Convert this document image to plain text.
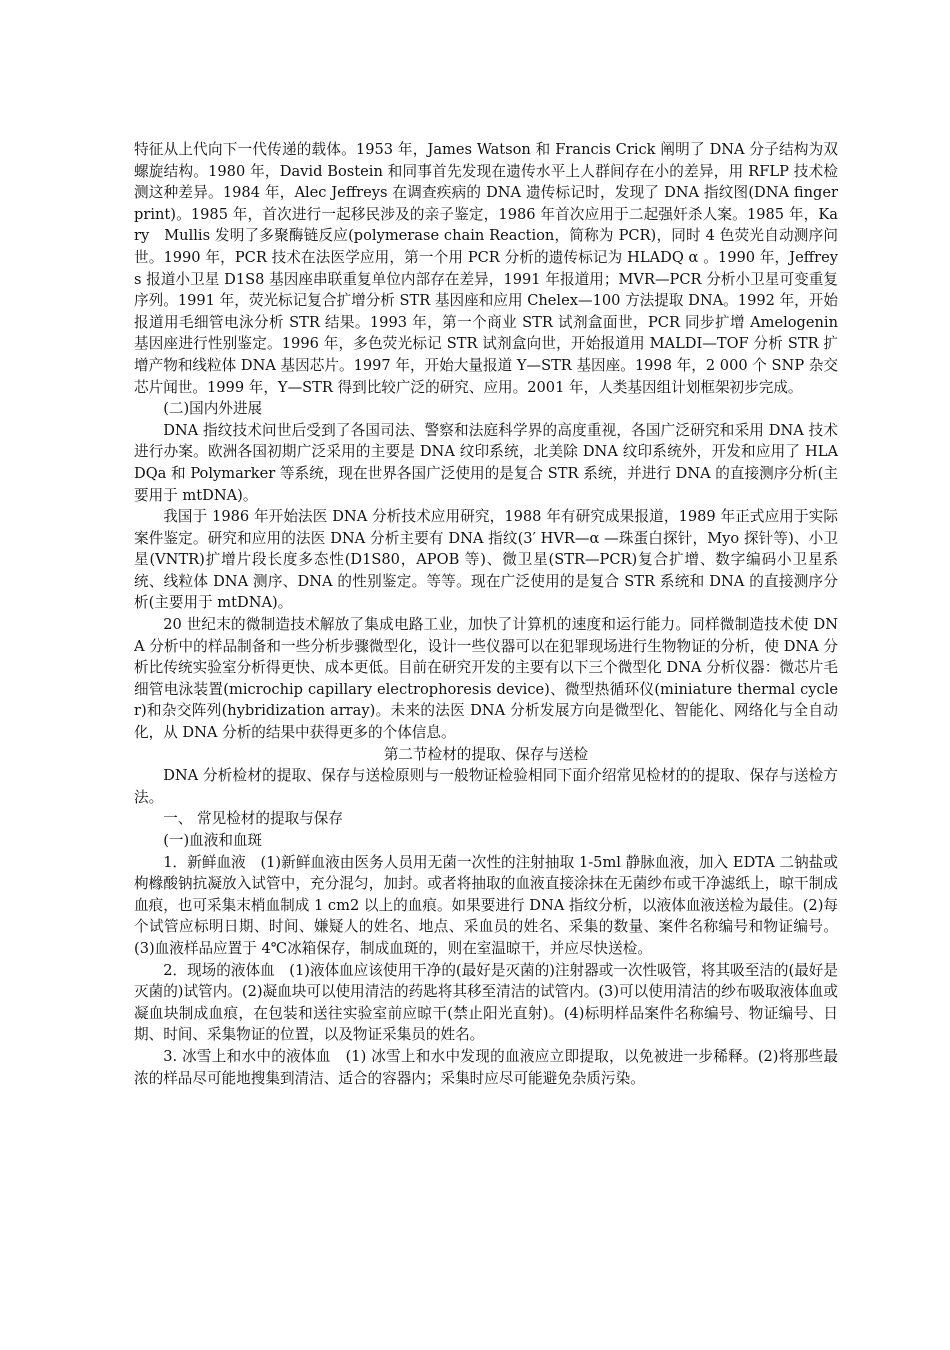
特征从上代向下一代传递的载体。1953 年，James Watson 和 Francis Crick 阐明了 DNA 分子结构为双螺旋结构。1980 年，David Bostein 和同事首先发现在遗传水平上人群间存在小的差异，用 RFLP 技术检测这种差异。1984 年，Alec Jeffreys 在调查疾病的 DNA 遗传标记时，发现了 DNA 指纹图(DNA fingerprint)。1985 年，首次进行一起移民涉及的亲子鉴定，1986 年首次应用于二起强奸杀人案。1985 年，Kary　Mullis 发明了多聚酶链反应(polymerase chain Reaction，简称为 PCR)，同时 4 色荧光自动测序问世。1990 年，PCR 技术在法医学应用，第一个用 PCR 分析的遗传标记为 HLADQ α 。1990 年，Jeffreys 报道小卫星 D1S8 基因座串联重复单位内部存在差异，1991 年报道用；MVR—PCR 分析小卫星可变重复序列。1991 年，荧光标记复合扩增分析 STR 基因座和应用 Chelex—100 方法提取 DNA。1992 年，开始报道用毛细管电泳分析 STR 结果。1993 年，第一个商业 STR 试剂盒面世，PCR 同步扩增 Amelogenin 基因座进行性别鉴定。1996 年，多色荧光标记 STR 试剂盒向世，开始报道用 MALDI—TOF 分析 STR 扩增产物和线粒体 DNA 基因芯片。1997 年，开始大量报道 Y—STR 基因座。1998 年，2 000 个 SNP 杂交芯片闻世。1999 年，Y—STR 得到比较广泛的研究、应用。2001 年，人类基因组计划框架初步完成。

(二)国内外进展

DNA 指纹技术问世后受到了各国司法、警察和法庭科学界的高度重视，各国广泛研究和采用 DNA 技术进行办案。欧洲各国初期广泛采用的主要是 DNA 纹印系统，北美除 DNA 纹印系统外，开发和应用了 HLADQa 和 Polymarker 等系统，现在世界各国广泛使用的是复合 STR 系统，并进行 DNA 的直接测序分析(主要用于 mtDNA)。

我国于 1986 年开始法医 DNA 分析技术应用研究，1988 年有研究成果报道，1989 年正式应用于实际案件鉴定。研究和应用的法医 DNA 分析主要有 DNA 指纹(3′ HVR—α —珠蛋白探针，Myo 探针等)、小卫星(VNTR)扩增片段长度多态性(D1S80，APOB 等)、微卫星(STR—PCR)复合扩增、数字编码小卫星系统、线粒体 DNA 测序、DNA 的性别鉴定。等等。现在广泛使用的是复合 STR 系统和 DNA 的直接测序分析(主要用于 mtDNA)。

20 世纪末的微制造技术解放了集成电路工业，加快了计算机的速度和运行能力。同样微制造技术使 DNA 分析中的样品制备和一些分析步骤微型化，设计一些仪器可以在犯罪现场进行生物物证的分析，使 DNA 分析比传统实验室分析得更快、成本更低。目前在研究开发的主要有以下三个微型化 DNA 分析仪器：微芯片毛细管电泳装置(microchip capillary electrophoresis device)、微型热循环仪(miniature thermal cycler)和杂交阵列(hybridization array)。未来的法医 DNA 分析发展方向是微型化、智能化、网络化与全自动化，从 DNA 分析的结果中获得更多的个体信息。

第二节检材的提取、保存与送检

DNA 分析检材的提取、保存与送检原则与一般物证检验相同下面介绍常见检材的的提取、保存与送检方法。

一、 常见检材的提取与保存

(一)血液和血斑

1．新鲜血液　(1)新鲜血液由医务人员用无菌一次性的注射抽取 1-5ml 静脉血液，加入 EDTA 二钠盐或枸橼酸钠抗凝放入试管中，充分混匀，加封。或者将抽取的血液直接涂抹在无菌纱布或干净滤纸上，晾干制成血痕，也可采集末梢血制成 1 cm2 以上的血痕。如果要进行 DNA 指纹分析，以液体血液送检为最佳。(2)每个试管应标明日期、时间、嫌疑人的姓名、地点、采血员的姓名、采集的数量、案件名称编号和物证编号。(3)血液样品应置于 4℃冰箱保存，制成血斑的，则在室温晾干，并应尽快送检。

2．现场的液体血　(1)液体血应该使用干净的(最好是灭菌的)注射器或一次性吸管，将其吸至洁的(最好是灭菌的)试管内。(2)凝血块可以使用清洁的药匙将其移至清洁的试管内。(3)可以使用清洁的纱布吸取液体血或凝血块制成血痕，在包装和送往实验室前应晾干(禁止阳光直射)。(4)标明样品案件名称编号、物证编号、日期、时间、采集物证的位置，以及物证采集员的姓名。

3. 冰雪上和水中的液体血　(1) 冰雪上和水中发现的血液应立即提取，以免被进一步稀释。(2)将那些最浓的样品尽可能地搜集到清洁、适合的容器内；采集时应尽可能避免杂质污染。
